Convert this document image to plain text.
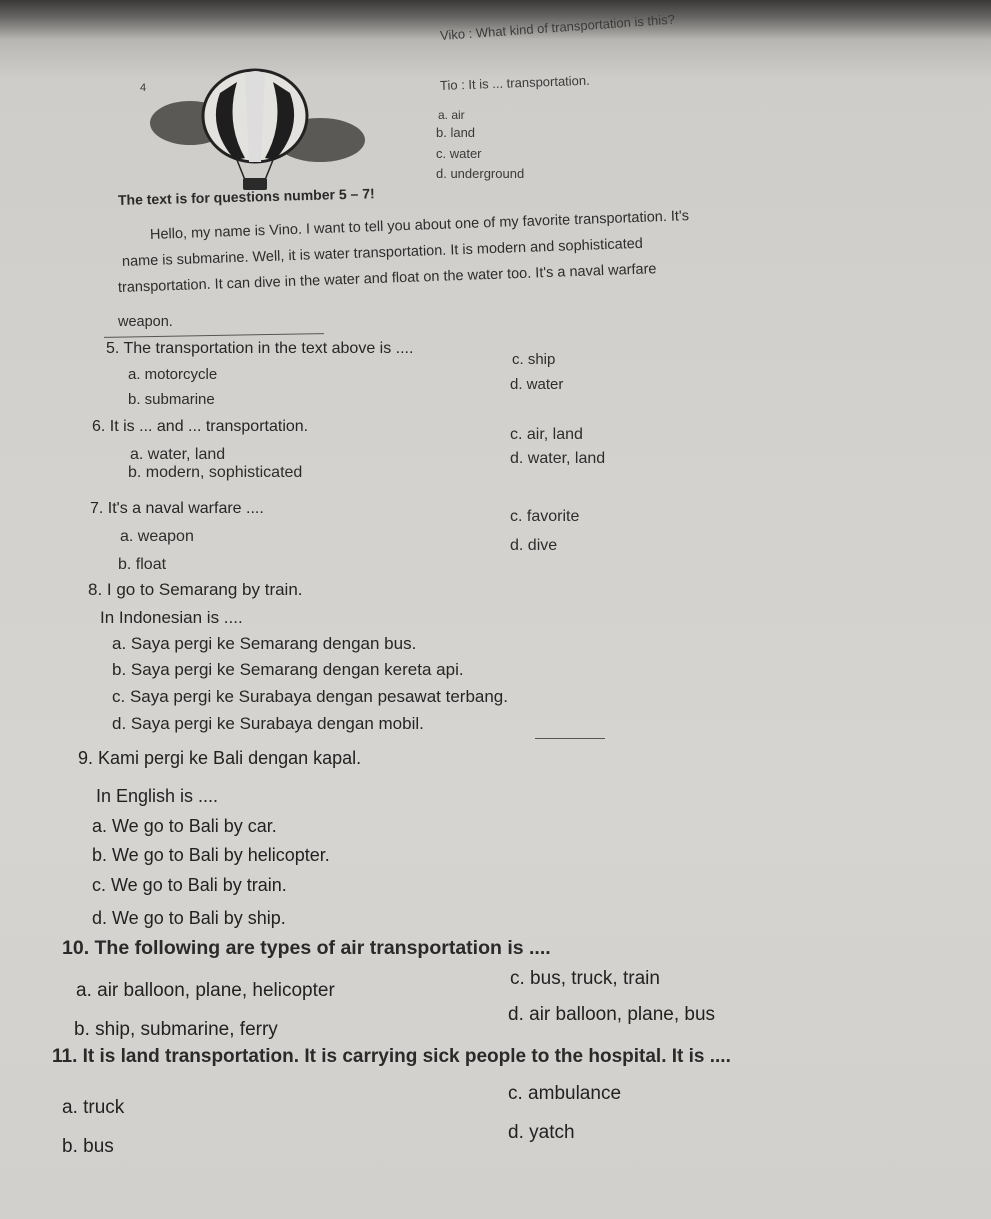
4
Viko : What kind of transportation is this?
Tio : It is ... transportation.
a. air
b. land
c. water
d. underground
The text is for questions number 5 – 7!
Hello, my name is Vino. I want to tell you about one of my favorite transportation. It's
name is submarine. Well, it is water transportation. It is modern and sophisticated
transportation. It can dive in the water and float on the water too. It's a naval warfare
weapon.
5. The transportation in the text above is ....
a. motorcycle
b. submarine
c. ship
d. water
6. It is ... and ... transportation.
a. water, land
b. modern, sophisticated
c. air, land
d. water, land
7. It's a naval warfare ....
a. weapon
b. float
c. favorite
d. dive
8. I go to Semarang by train.
In Indonesian is ....
a. Saya pergi ke Semarang dengan bus.
b. Saya pergi ke Semarang dengan kereta api.
c. Saya pergi ke Surabaya dengan pesawat terbang.
d. Saya pergi ke Surabaya dengan mobil.
9. Kami pergi ke Bali dengan kapal.
In English is ....
a. We go to Bali by car.
b. We go to Bali by helicopter.
c. We go to Bali by train.
d. We go to Bali by ship.
10. The following are types of air transportation is ....
a. air balloon, plane, helicopter
b. ship, submarine, ferry
c. bus, truck, train
d. air balloon, plane, bus
11. It is land transportation. It is carrying sick people to the hospital. It is ....
a. truck
b. bus
c. ambulance
d. yatch
